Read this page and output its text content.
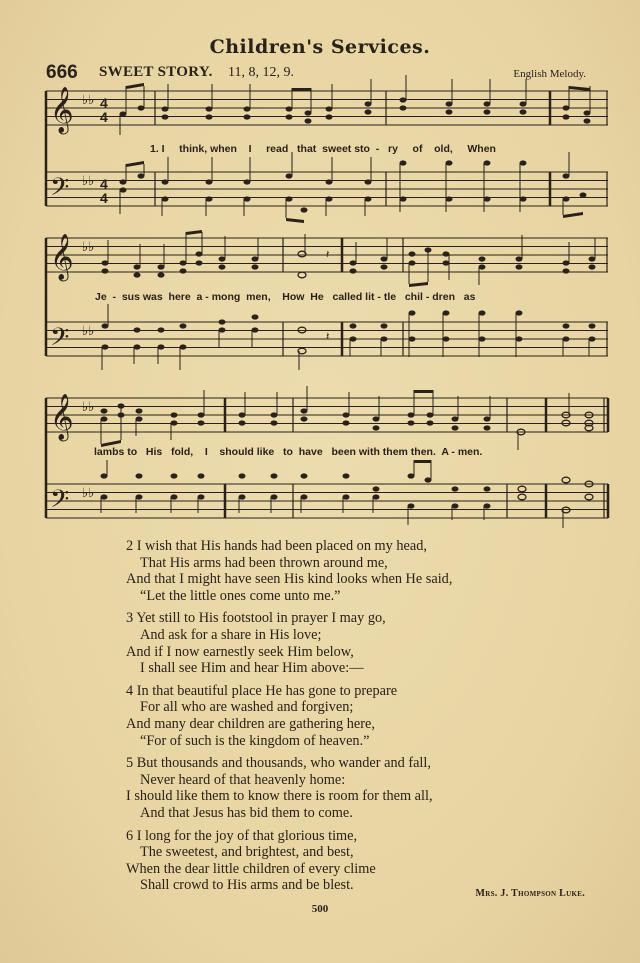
Children's Services.
666 SWEET STORY. 11, 8, 12, 9.	English Melody.
𝄞
𝄢
♭♭
♭♭
4
4
4
4
1. I     think, when    I     read   that  sweet sto  -   ry     of    old,     When
𝄞
𝄢
♭♭
♭♭
𝄽
𝄽
Je  -  sus was  here  a - mong  men,    How  He   called lit - tle   chil - dren   as
𝄞
𝄢
♭♭
♭♭
lambs to   His   fold,    I    should like   to  have   been with them then.  A - men.
2 I wish that His hands had been placed on my head,
That His arms had been thrown around me,
And that I might have seen His kind looks when He said,
“Let the little ones come unto me.”
3 Yet still to His footstool in prayer I may go,
And ask for a share in His love;
And if I now earnestly seek Him below,
I shall see Him and hear Him above:—
4 In that beautiful place He has gone to prepare
For all who are washed and forgiven;
And many dear children are gathering here,
“For of such is the kingdom of heaven.”
5 But thousands and thousands, who wander and fall,
Never heard of that heavenly home:
I should like them to know there is room for them all,
And that Jesus has bid them to come.
6 I long for the joy of that glorious time,
The sweetest, and brightest, and best,
When the dear little children of every clime
Shall crowd to His arms and be blest.
Mrs. J. Thompson Luke.
500
